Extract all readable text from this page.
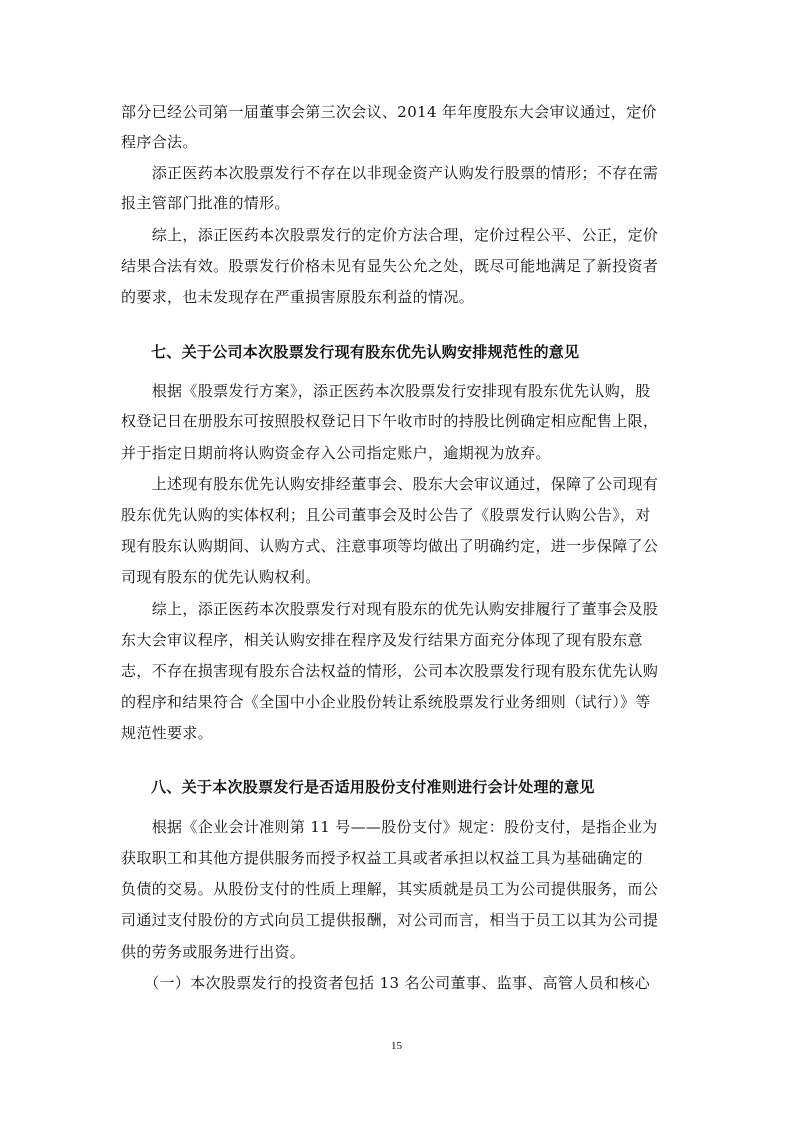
部分已经公司第一届董事会第三次会议、2014 年年度股东大会审议通过，定价
程序合法。
　　添正医药本次股票发行不存在以非现金资产认购发行股票的情形；不存在需
报主管部门批准的情形。
　　综上，添正医药本次股票发行的定价方法合理，定价过程公平、公正，定价
结果合法有效。股票发行价格未见有显失公允之处，既尽可能地满足了新投资者
的要求，也未发现存在严重损害原股东利益的情况。
七、关于公司本次股票发行现有股东优先认购安排规范性的意见
　　根据《股票发行方案》，添正医药本次股票发行安排现有股东优先认购，股
权登记日在册股东可按照股权登记日下午收市时的持股比例确定相应配售上限，
并于指定日期前将认购资金存入公司指定账户，逾期视为放弃。
　　上述现有股东优先认购安排经董事会、股东大会审议通过，保障了公司现有
股东优先认购的实体权利；且公司董事会及时公告了《股票发行认购公告》，对
现有股东认购期间、认购方式、注意事项等均做出了明确约定，进一步保障了公
司现有股东的优先认购权利。
　　综上，添正医药本次股票发行对现有股东的优先认购安排履行了董事会及股
东大会审议程序，相关认购安排在程序及发行结果方面充分体现了现有股东意
志，不存在损害现有股东合法权益的情形，公司本次股票发行现有股东优先认购
的程序和结果符合《全国中小企业股份转让系统股票发行业务细则（试行）》等
规范性要求。
八、关于本次股票发行是否适用股份支付准则进行会计处理的意见
　　根据《企业会计准则第 11 号——股份支付》规定：股份支付，是指企业为
获取职工和其他方提供服务而授予权益工具或者承担以权益工具为基础确定的
负债的交易。从股份支付的性质上理解，其实质就是员工为公司提供服务，而公
司通过支付股份的方式向员工提供报酬，对公司而言，相当于员工以其为公司提
供的劳务或服务进行出资。
　　（一）本次股票发行的投资者包括 13 名公司董事、监事、高管人员和核心
15
